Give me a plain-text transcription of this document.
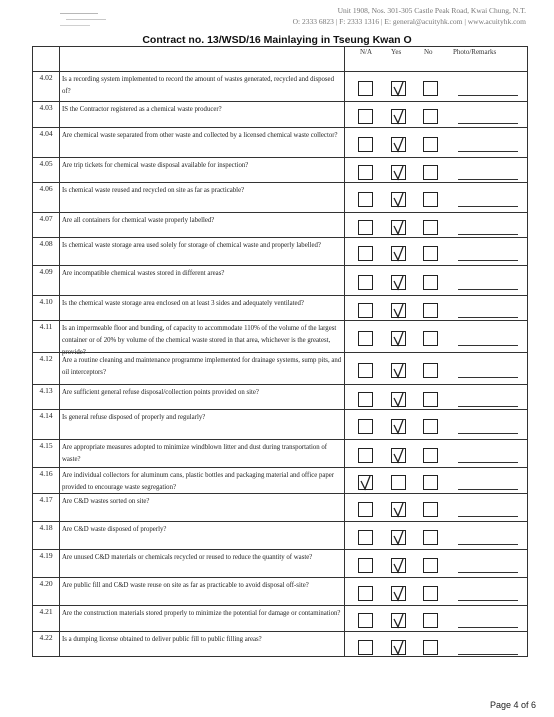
Unit 1908, Nos. 301-305 Castle Peak Road, Kwai Chung, N.T.
O: 2333 6823 | F: 2333 1316 | E: general@acuityhk.com | www.acuityhk.com
Contract no. 13/WSD/16 Mainlaying in Tseung Kwan O
N/A	Yes	No	Photo/Remarks
4.02	Is a recording system implemented to record the amount of wastes generated, recycled and disposed of?
4.03	IS the Contractor registered as a chemical waste producer?
4.04	Are chemical waste separated from other waste and collected by a licensed chemical waste collector?
4.05	Are trip tickets for chemical waste disposal available for inspection?
4.06	Is chemical waste reused and recycled on site as far as practicable?
4.07	Are all containers for chemical waste properly labelled?
4.08	Is chemical waste storage area used solely for storage of chemical waste and properly labelled?
4.09	Are incompatible chemical wastes stored in different areas?
4.10	Is the chemical waste storage area enclosed on at least 3 sides and adequately ventilated?
4.11	Is an impermeable floor and bunding, of capacity to accommodate 110% of the volume of the largest container or of 20% by volume of the chemical waste stored in that area, whichever is the greatest, provide?
4.12	Are a routine cleaning and maintenance programme implemented for drainage systems, sump pits, and oil interceptors?
4.13	Are sufficient general refuse disposal/collection points provided on site?
4.14	Is general refuse disposed of properly and regularly?
4.15	Are appropriate measures adopted to minimize windblown litter and dust during transportation of waste?
4.16	Are individual collectors for aluminum cans, plastic bottles and packaging material and office paper provided to encourage waste segregation?
4.17	Are C&D wastes sorted on site?
4.18	Are C&D waste disposed of properly?
4.19	Are unused C&D materials or chemicals recycled or reused to reduce the quantity of waste?
4.20	Are public fill and C&D waste reuse on site as far as practicable to avoid disposal off-site?
4.21	Are the construction materials stored properly to minimize the potential for damage or contamination?
4.22	Is a dumping license obtained to deliver public fill to public filling areas?
Page 4 of 6
